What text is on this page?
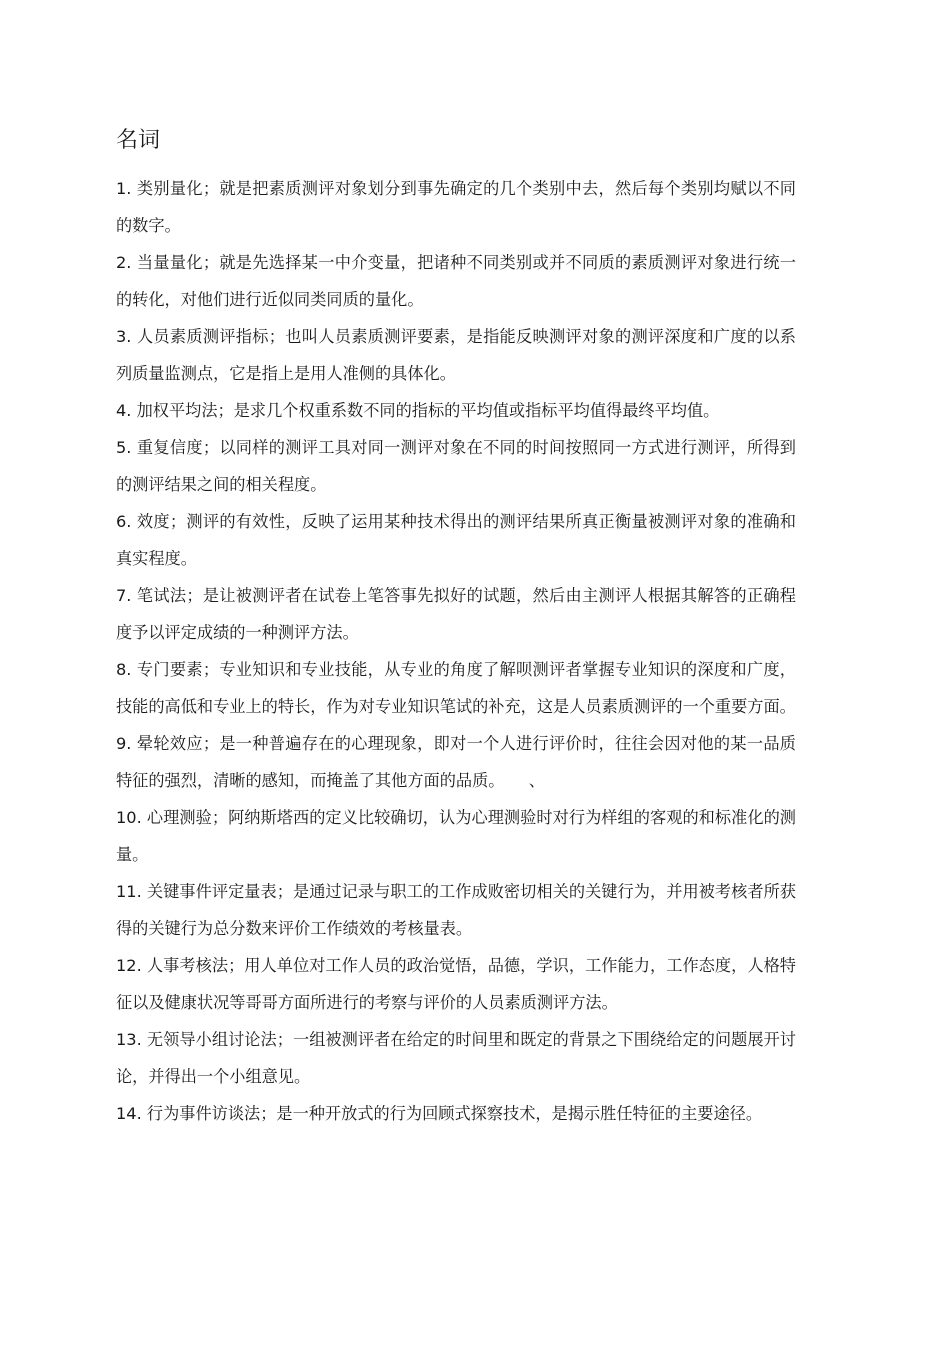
名词

1. 类别量化；就是把素质测评对象划分到事先确定的几个类别中去，然后每个类别均赋以不同的数字。

2. 当量量化；就是先选择某一中介变量，把诸种不同类别或并不同质的素质测评对象进行统一的转化，对他们进行近似同类同质的量化。

3. 人员素质测评指标；也叫人员素质测评要素，是指能反映测评对象的测评深度和广度的以系列质量监测点，它是指上是用人准侧的具体化。

4. 加权平均法；是求几个权重系数不同的指标的平均值或指标平均值得最终平均值。

5. 重复信度；以同样的测评工具对同一测评对象在不同的时间按照同一方式进行测评，所得到的测评结果之间的相关程度。

6. 效度；测评的有效性，反映了运用某种技术得出的测评结果所真正衡量被测评对象的准确和真实程度。

7. 笔试法；是让被测评者在试卷上笔答事先拟好的试题，然后由主测评人根据其解答的正确程度予以评定成绩的一种测评方法。

8. 专门要素；专业知识和专业技能，从专业的角度了解呗测评者掌握专业知识的深度和广度，技能的高低和专业上的特长，作为对专业知识笔试的补充，这是人员素质测评的一个重要方面。

9. 晕轮效应；是一种普遍存在的心理现象，即对一个人进行评价时，往往会因对他的某一品质特征的强烈，清晰的感知，而掩盖了其他方面的品质。　　、

10. 心理测验；阿纳斯塔西的定义比较确切，认为心理测验时对行为样组的客观的和标准化的测量。

11. 关键事件评定量表；是通过记录与职工的工作成败密切相关的关键行为，并用被考核者所获得的关键行为总分数来评价工作绩效的考核量表。

12. 人事考核法；用人单位对工作人员的政治觉悟，品德，学识，工作能力，工作态度，人格特征以及健康状况等哥哥方面所进行的考察与评价的人员素质测评方法。

13. 无领导小组讨论法；一组被测评者在给定的时间里和既定的背景之下围绕给定的问题展开讨论，并得出一个小组意见。

14. 行为事件访谈法；是一种开放式的行为回顾式探察技术，是揭示胜任特征的主要途径。
